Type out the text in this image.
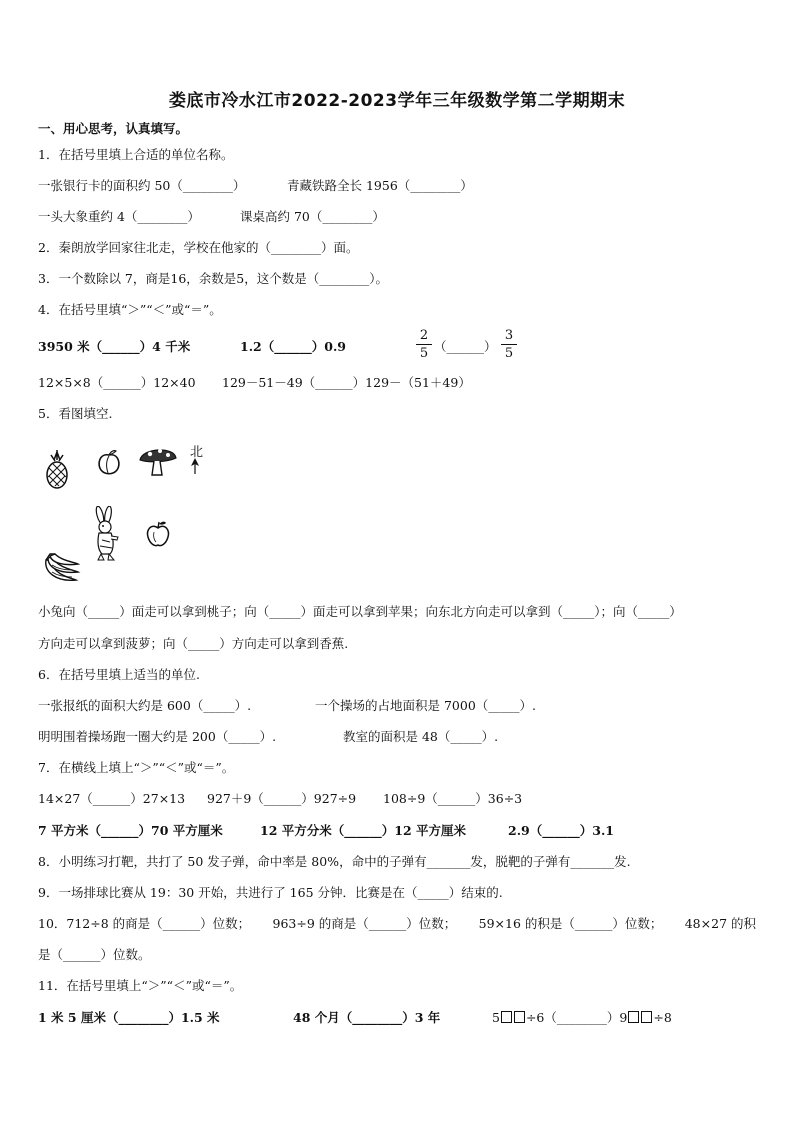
娄底市冷水江市2022-2023学年三年级数学第二学期期末
一、用心思考，认真填写。
1．在括号里填上合适的单位名称。
一张银行卡的面积约 50（________）	青藏铁路全长 1956（________）
一头大象重约 4（________）	课桌高约 70（________）
2．秦朗放学回家往北走，学校在他家的（________）面。
3．一个数除以 7，商是16，余数是5，这个数是（________）。
4．在括号里填“＞”“＜”或“＝”。
3950 米（______）4 千米	1.2（______）0.9	$\frac{2}{5}$ （______） $\frac{3}{5}$
12×5×8（______）12×40 129－51－49（______）129－（51＋49）
5．看图填空.
北
小兔向（_____）面走可以拿到桃子；向（_____）面走可以拿到苹果；向东北方向走可以拿到（_____）；向（_____）
方向走可以拿到菠萝；向（_____）方向走可以拿到香蕉.
6．在括号里填上适当的单位.
一张报纸的面积大约是 600（_____）.	一个操场的占地面积是 7000（_____）.
明明围着操场跑一圈大约是 200（_____）.	教室的面积是 48（_____）.
7．在横线上填上“＞”“＜”或“＝”。
14×27（______）27×13 927＋9（______）927÷9 108÷9（______）36÷3
7 平方米（______）70 平方厘米	12 平方分米（______）12 平方厘米	2.9（______）3.1
8．小明练习打靶，共打了 50 发子弹，命中率是 80%，命中的子弹有_______发，脱靶的子弹有_______发.
9．一场排球比赛从 19：30 开始，共进行了 165 分钟．比赛是在（_____）结束的.
10．712÷8 的商是（______）位数； 963÷9 的商是（______）位数； 59×16 的积是（______）位数； 48×27 的积
是（______）位数。
11．在括号里填上“＞”“＜”或“＝”。
1 米 5 厘米（________）1.5 米	48 个月（________）3 年	5 ÷6（________）9 ÷8
